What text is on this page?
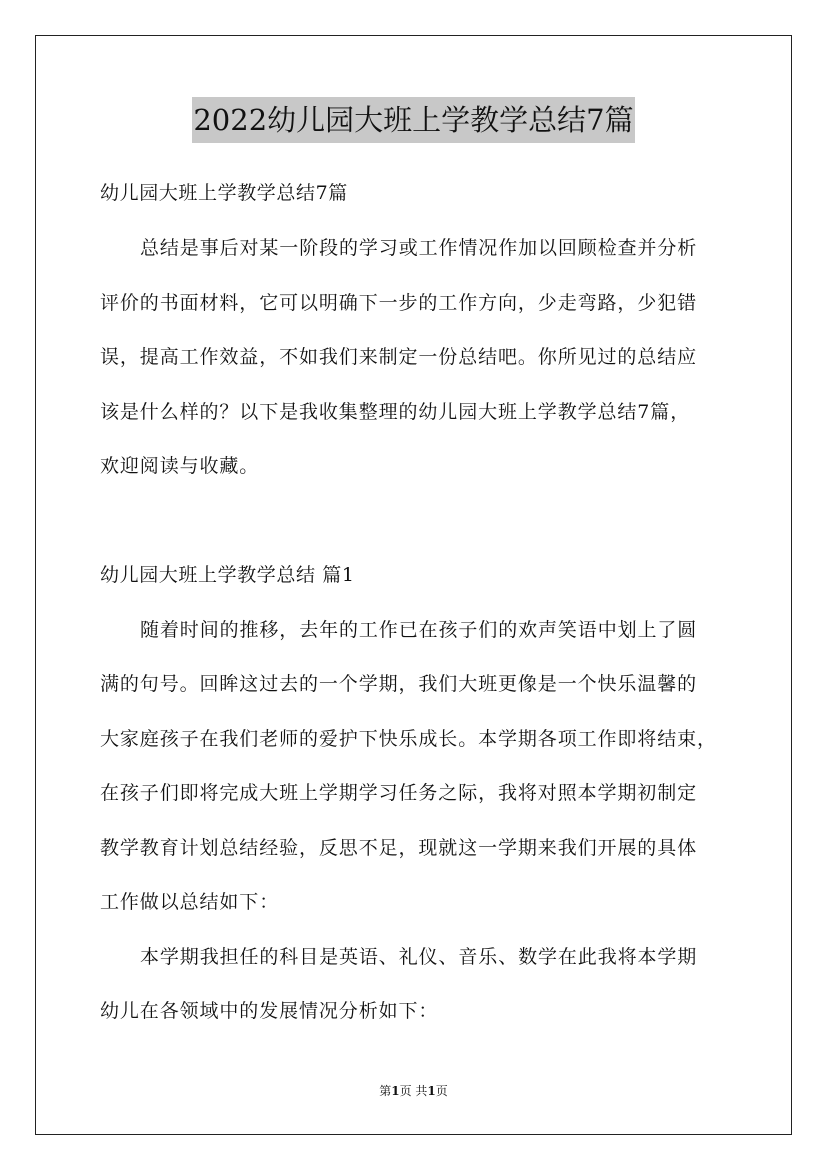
2022幼儿园大班上学教学总结7篇
幼儿园大班上学教学总结7篇
总结是事后对某一阶段的学习或工作情况作加以回顾检查并分析
评价的书面材料，它可以明确下一步的工作方向，少走弯路，少犯错
误，提高工作效益，不如我们来制定一份总结吧。你所见过的总结应
该是什么样的？以下是我收集整理的幼儿园大班上学教学总结7篇，
欢迎阅读与收藏。
幼儿园大班上学教学总结 篇1
随着时间的推移，去年的工作已在孩子们的欢声笑语中划上了圆
满的句号。回眸这过去的一个学期，我们大班更像是一个快乐温馨的
大家庭孩子在我们老师的爱护下快乐成长。本学期各项工作即将结束，
在孩子们即将完成大班上学期学习任务之际，我将对照本学期初制定
教学教育计划总结经验，反思不足，现就这一学期来我们开展的具体
工作做以总结如下：
本学期我担任的科目是英语、礼仪、音乐、数学在此我将本学期
幼儿在各领域中的发展情况分析如下：
第1页 共1页
